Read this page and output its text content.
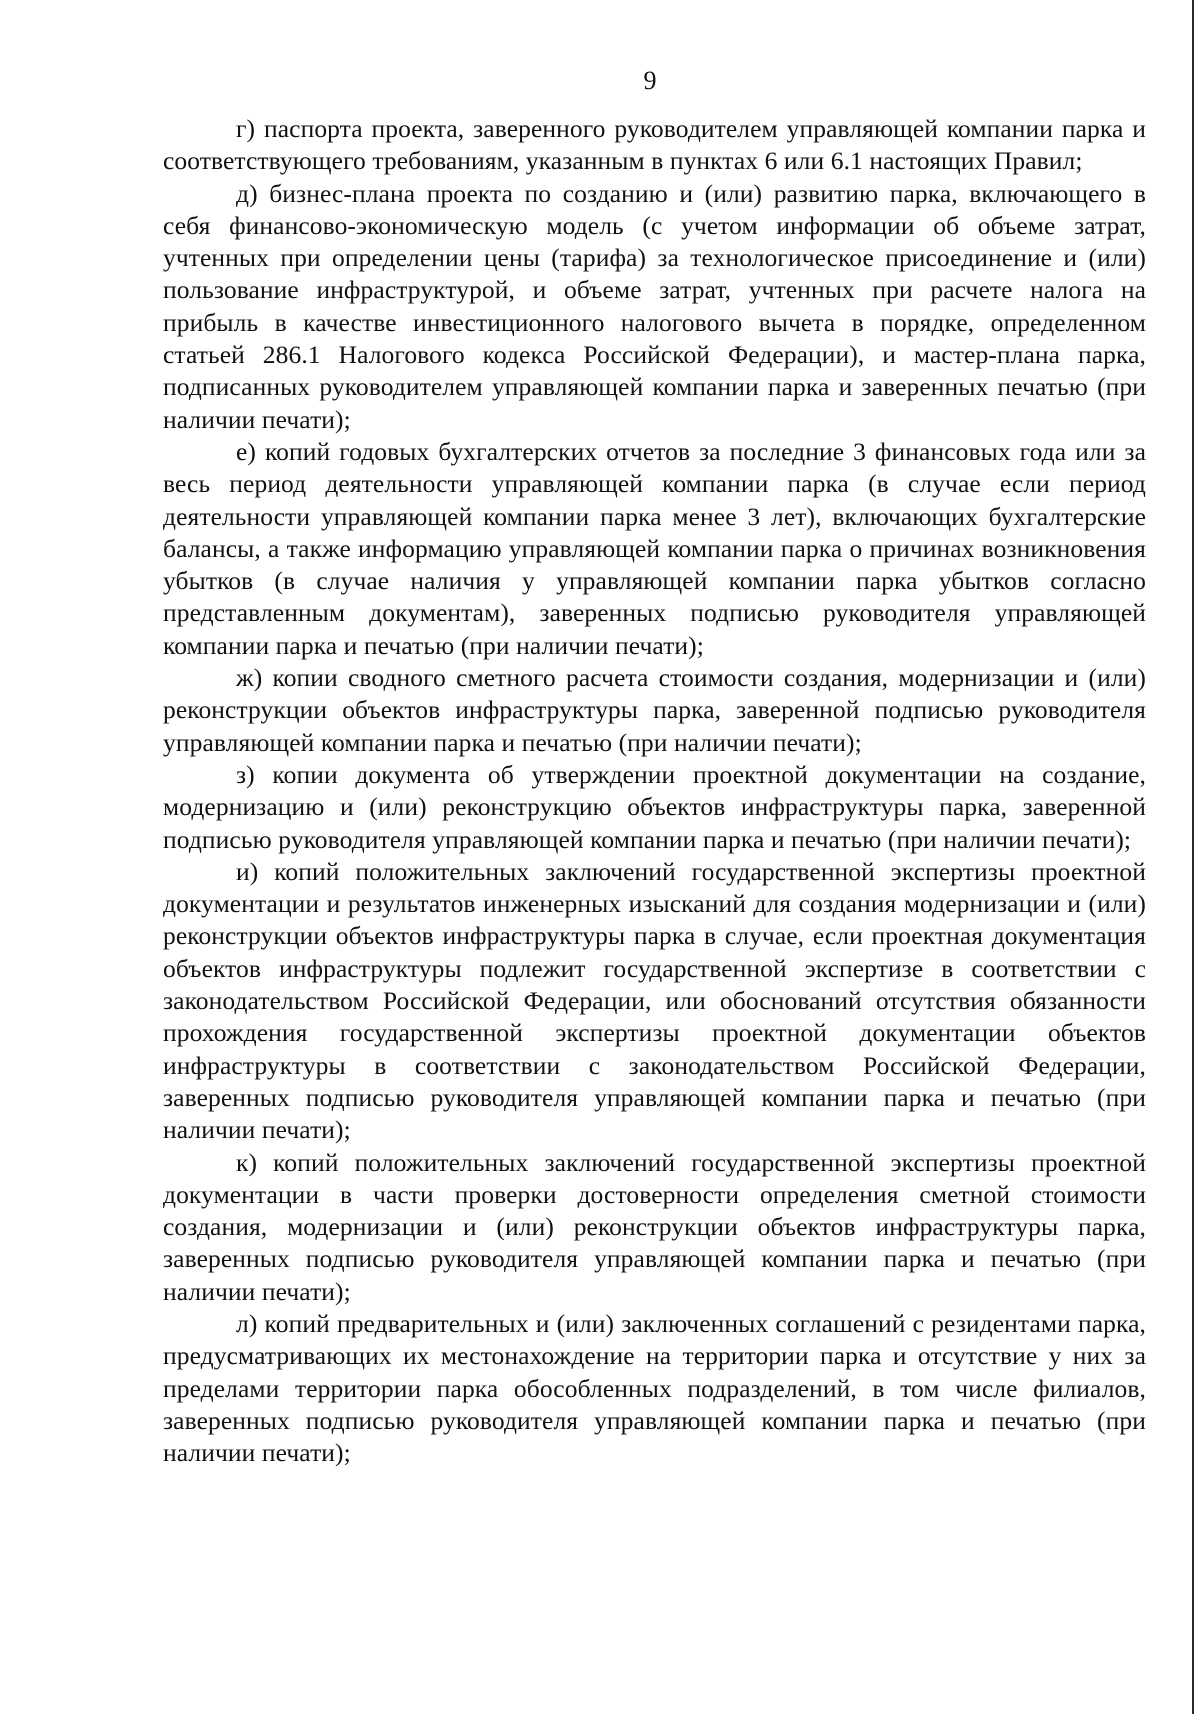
9

г) паспорта проекта, заверенного руководителем управляющей компании парка и соответствующего требованиям, указанным в пунктах 6 или 6.1 настоящих Правил;

д) бизнес-плана проекта по созданию и (или) развитию парка, включающего в себя финансово-экономическую модель (с учетом информации об объеме затрат, учтенных при определении цены (тарифа) за технологическое присоединение и (или) пользование инфраструктурой, и объеме затрат, учтенных при расчете налога на прибыль в качестве инвестиционного налогового вычета в порядке, определенном статьей 286.1 Налогового кодекса Российской Федерации), и мастер-плана парка, подписанных руководителем управляющей компании парка и заверенных печатью (при наличии печати);

е) копий годовых бухгалтерских отчетов за последние 3 финансовых года или за весь период деятельности управляющей компании парка (в случае если период деятельности управляющей компании парка менее 3 лет), включающих бухгалтерские балансы, а также информацию управляющей компании парка о причинах возникновения убытков (в случае наличия у управляющей компании парка убытков согласно представленным документам), заверенных подписью руководителя управляющей компании парка и печатью (при наличии печати);

ж) копии сводного сметного расчета стоимости создания, модернизации и (или) реконструкции объектов инфраструктуры парка, заверенной подписью руководителя управляющей компании парка и печатью (при наличии печати);

з) копии документа об утверждении проектной документации на создание, модернизацию и (или) реконструкцию объектов инфраструктуры парка, заверенной подписью руководителя управляющей компании парка и печатью (при наличии печати);

и) копий положительных заключений государственной экспертизы проектной документации и результатов инженерных изысканий для создания модернизации и (или) реконструкции объектов инфраструктуры парка в случае, если проектная документация объектов инфраструктуры подлежит государственной экспертизе в соответствии с законодательством Российской Федерации, или обоснований отсутствия обязанности прохождения государственной экспертизы проектной документации объектов инфраструктуры в соответствии с законодательством Российской Федерации, заверенных подписью руководителя управляющей компании парка и печатью (при наличии печати);

к) копий положительных заключений государственной экспертизы проектной документации в части проверки достоверности определения сметной стоимости создания, модернизации и (или) реконструкции объектов инфраструктуры парка, заверенных подписью руководителя управляющей компании парка и печатью (при наличии печати);

л) копий предварительных и (или) заключенных соглашений с резидентами парка, предусматривающих их местонахождение на территории парка и отсутствие у них за пределами территории парка обособленных подразделений, в том числе филиалов, заверенных подписью руководителя управляющей компании парка и печатью (при наличии печати);
